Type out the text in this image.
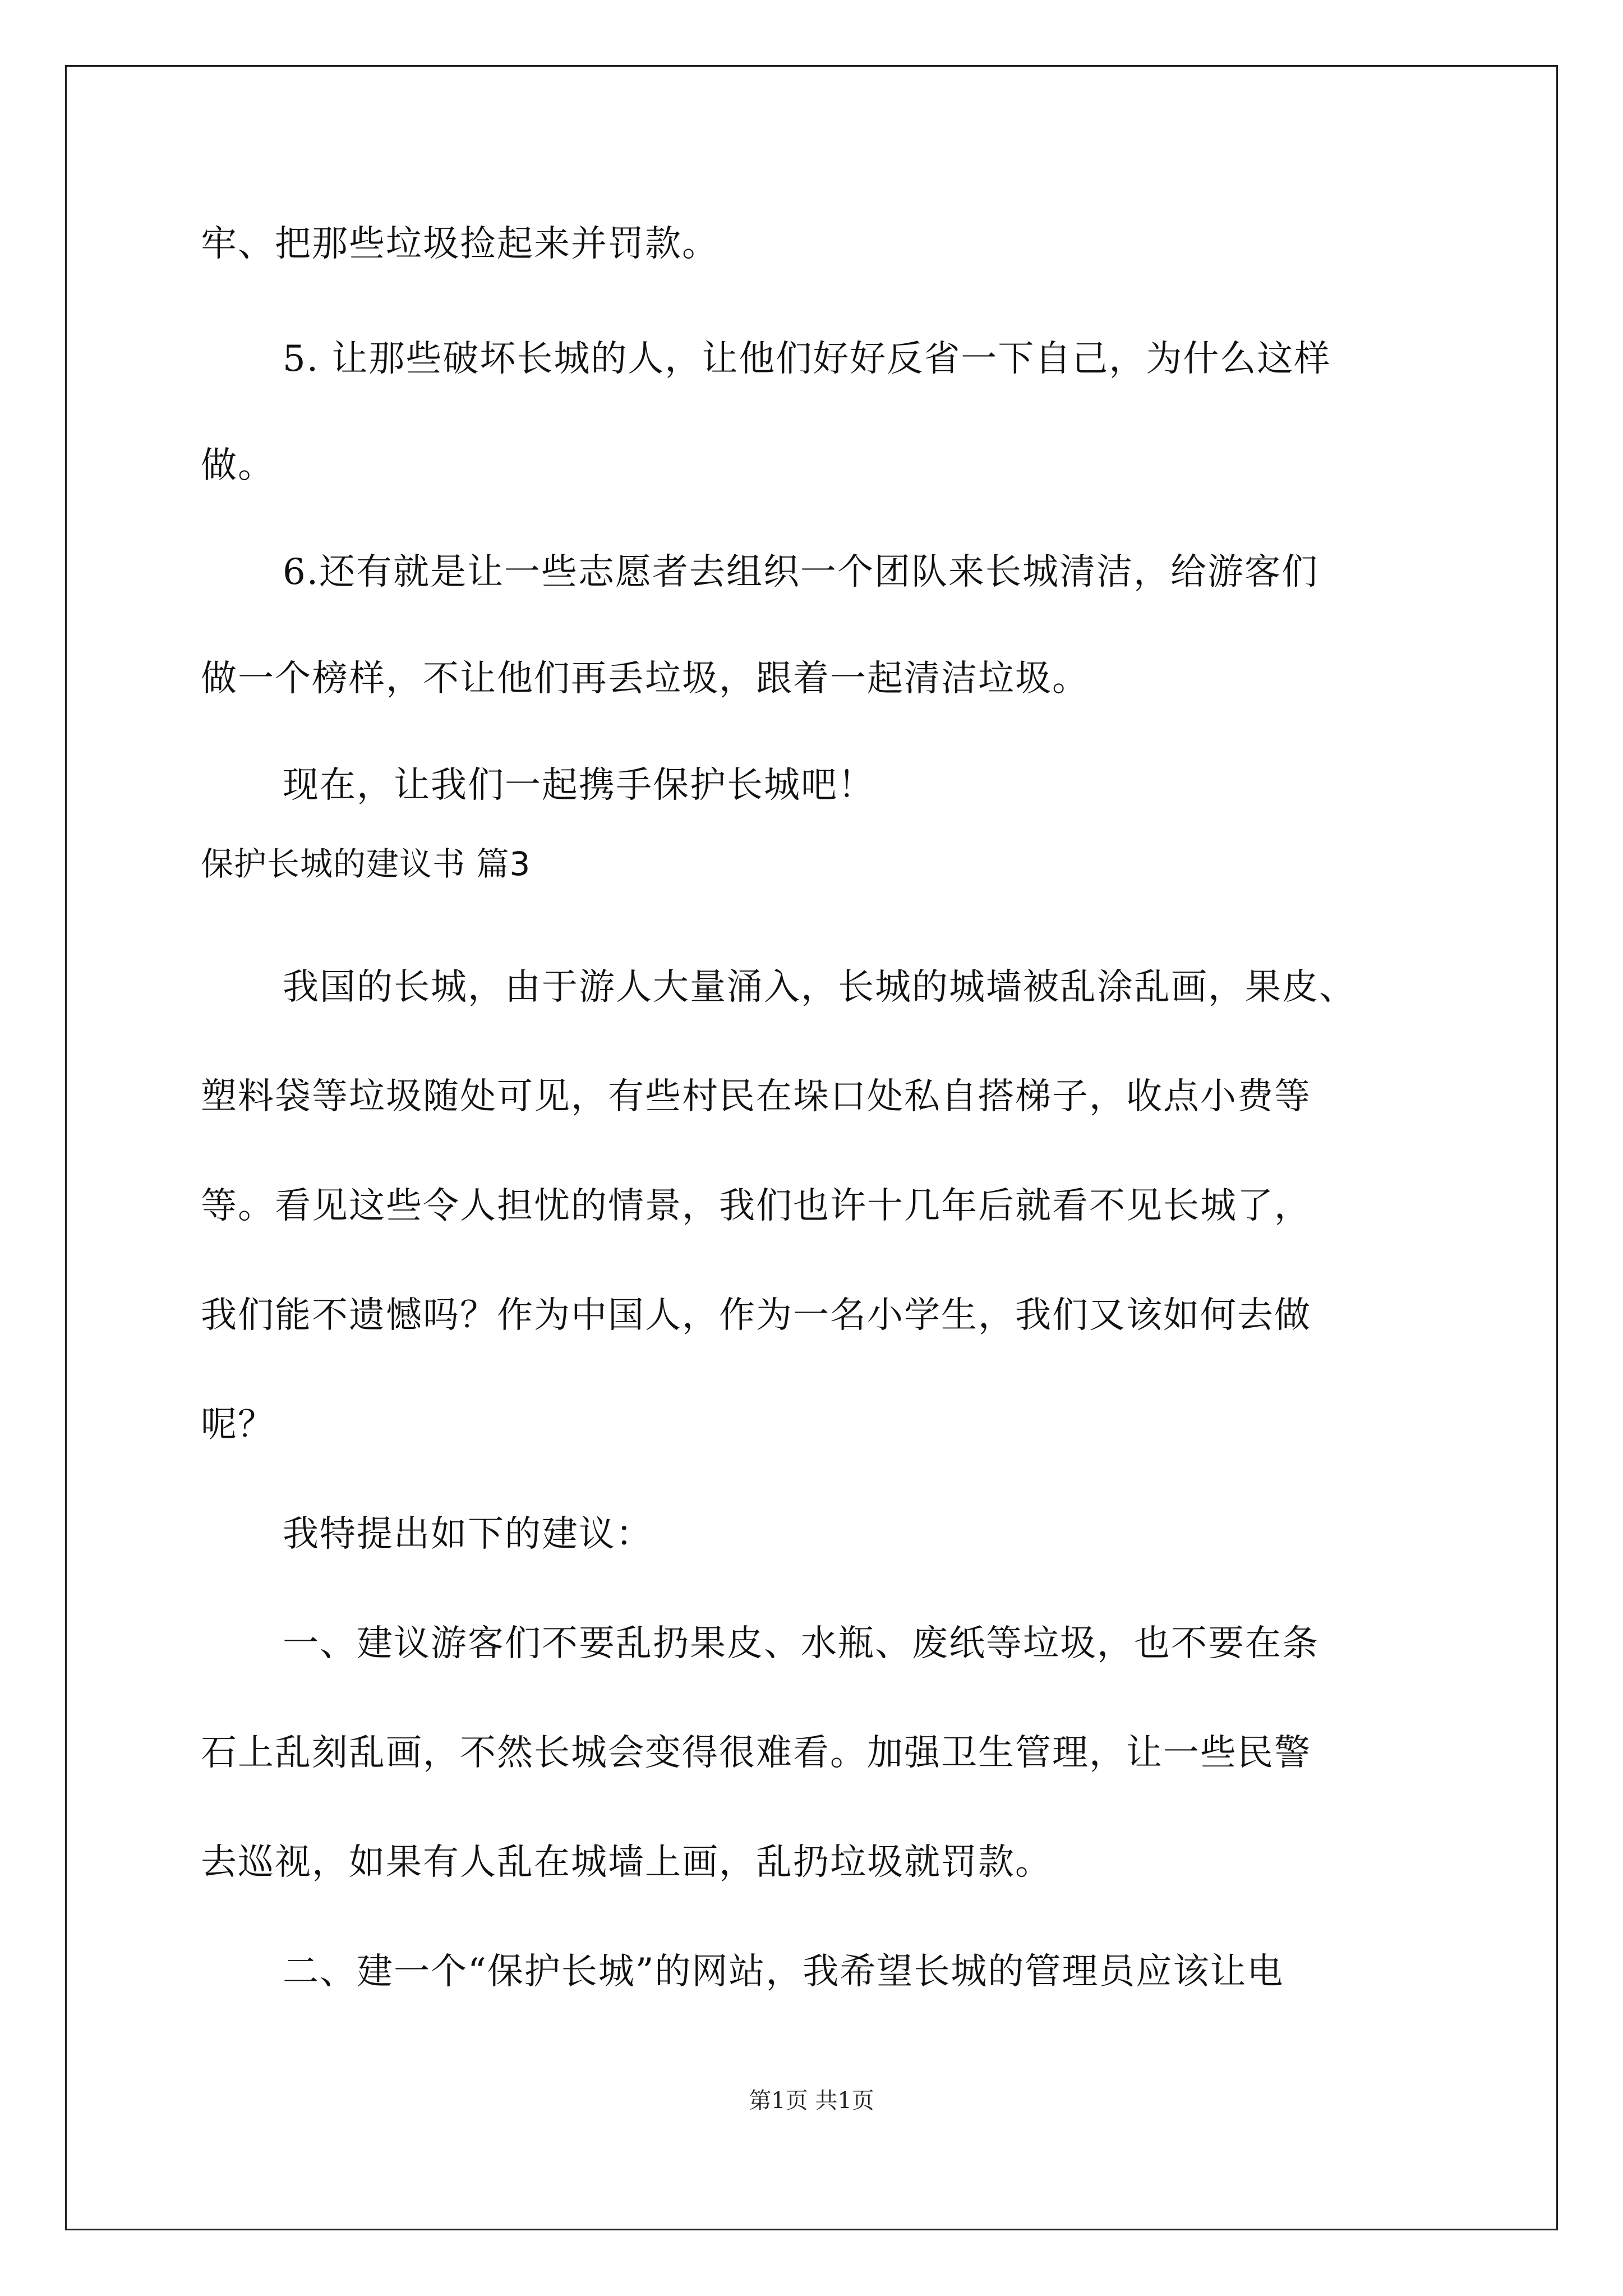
牢、把那些垃圾捡起来并罚款。
5. 让那些破坏长城的人，让他们好好反省一下自己，为什么这样
做。
6.还有就是让一些志愿者去组织一个团队来长城清洁，给游客们
做一个榜样，不让他们再丢垃圾，跟着一起清洁垃圾。
现在，让我们一起携手保护长城吧！
保护长城的建议书 篇3
我国的长城，由于游人大量涌入，长城的城墙被乱涂乱画，果皮、
塑料袋等垃圾随处可见，有些村民在垛口处私自搭梯子，收点小费等
等。看见这些令人担忧的情景，我们也许十几年后就看不见长城了，
我们能不遗憾吗？作为中国人，作为一名小学生，我们又该如何去做
呢？
我特提出如下的建议：
一、建议游客们不要乱扔果皮、水瓶、废纸等垃圾，也不要在条
石上乱刻乱画，不然长城会变得很难看。加强卫生管理，让一些民警
去巡视，如果有人乱在城墙上画，乱扔垃圾就罚款。
二、建一个“保护长城”的网站，我希望长城的管理员应该让电
第1页 共1页
